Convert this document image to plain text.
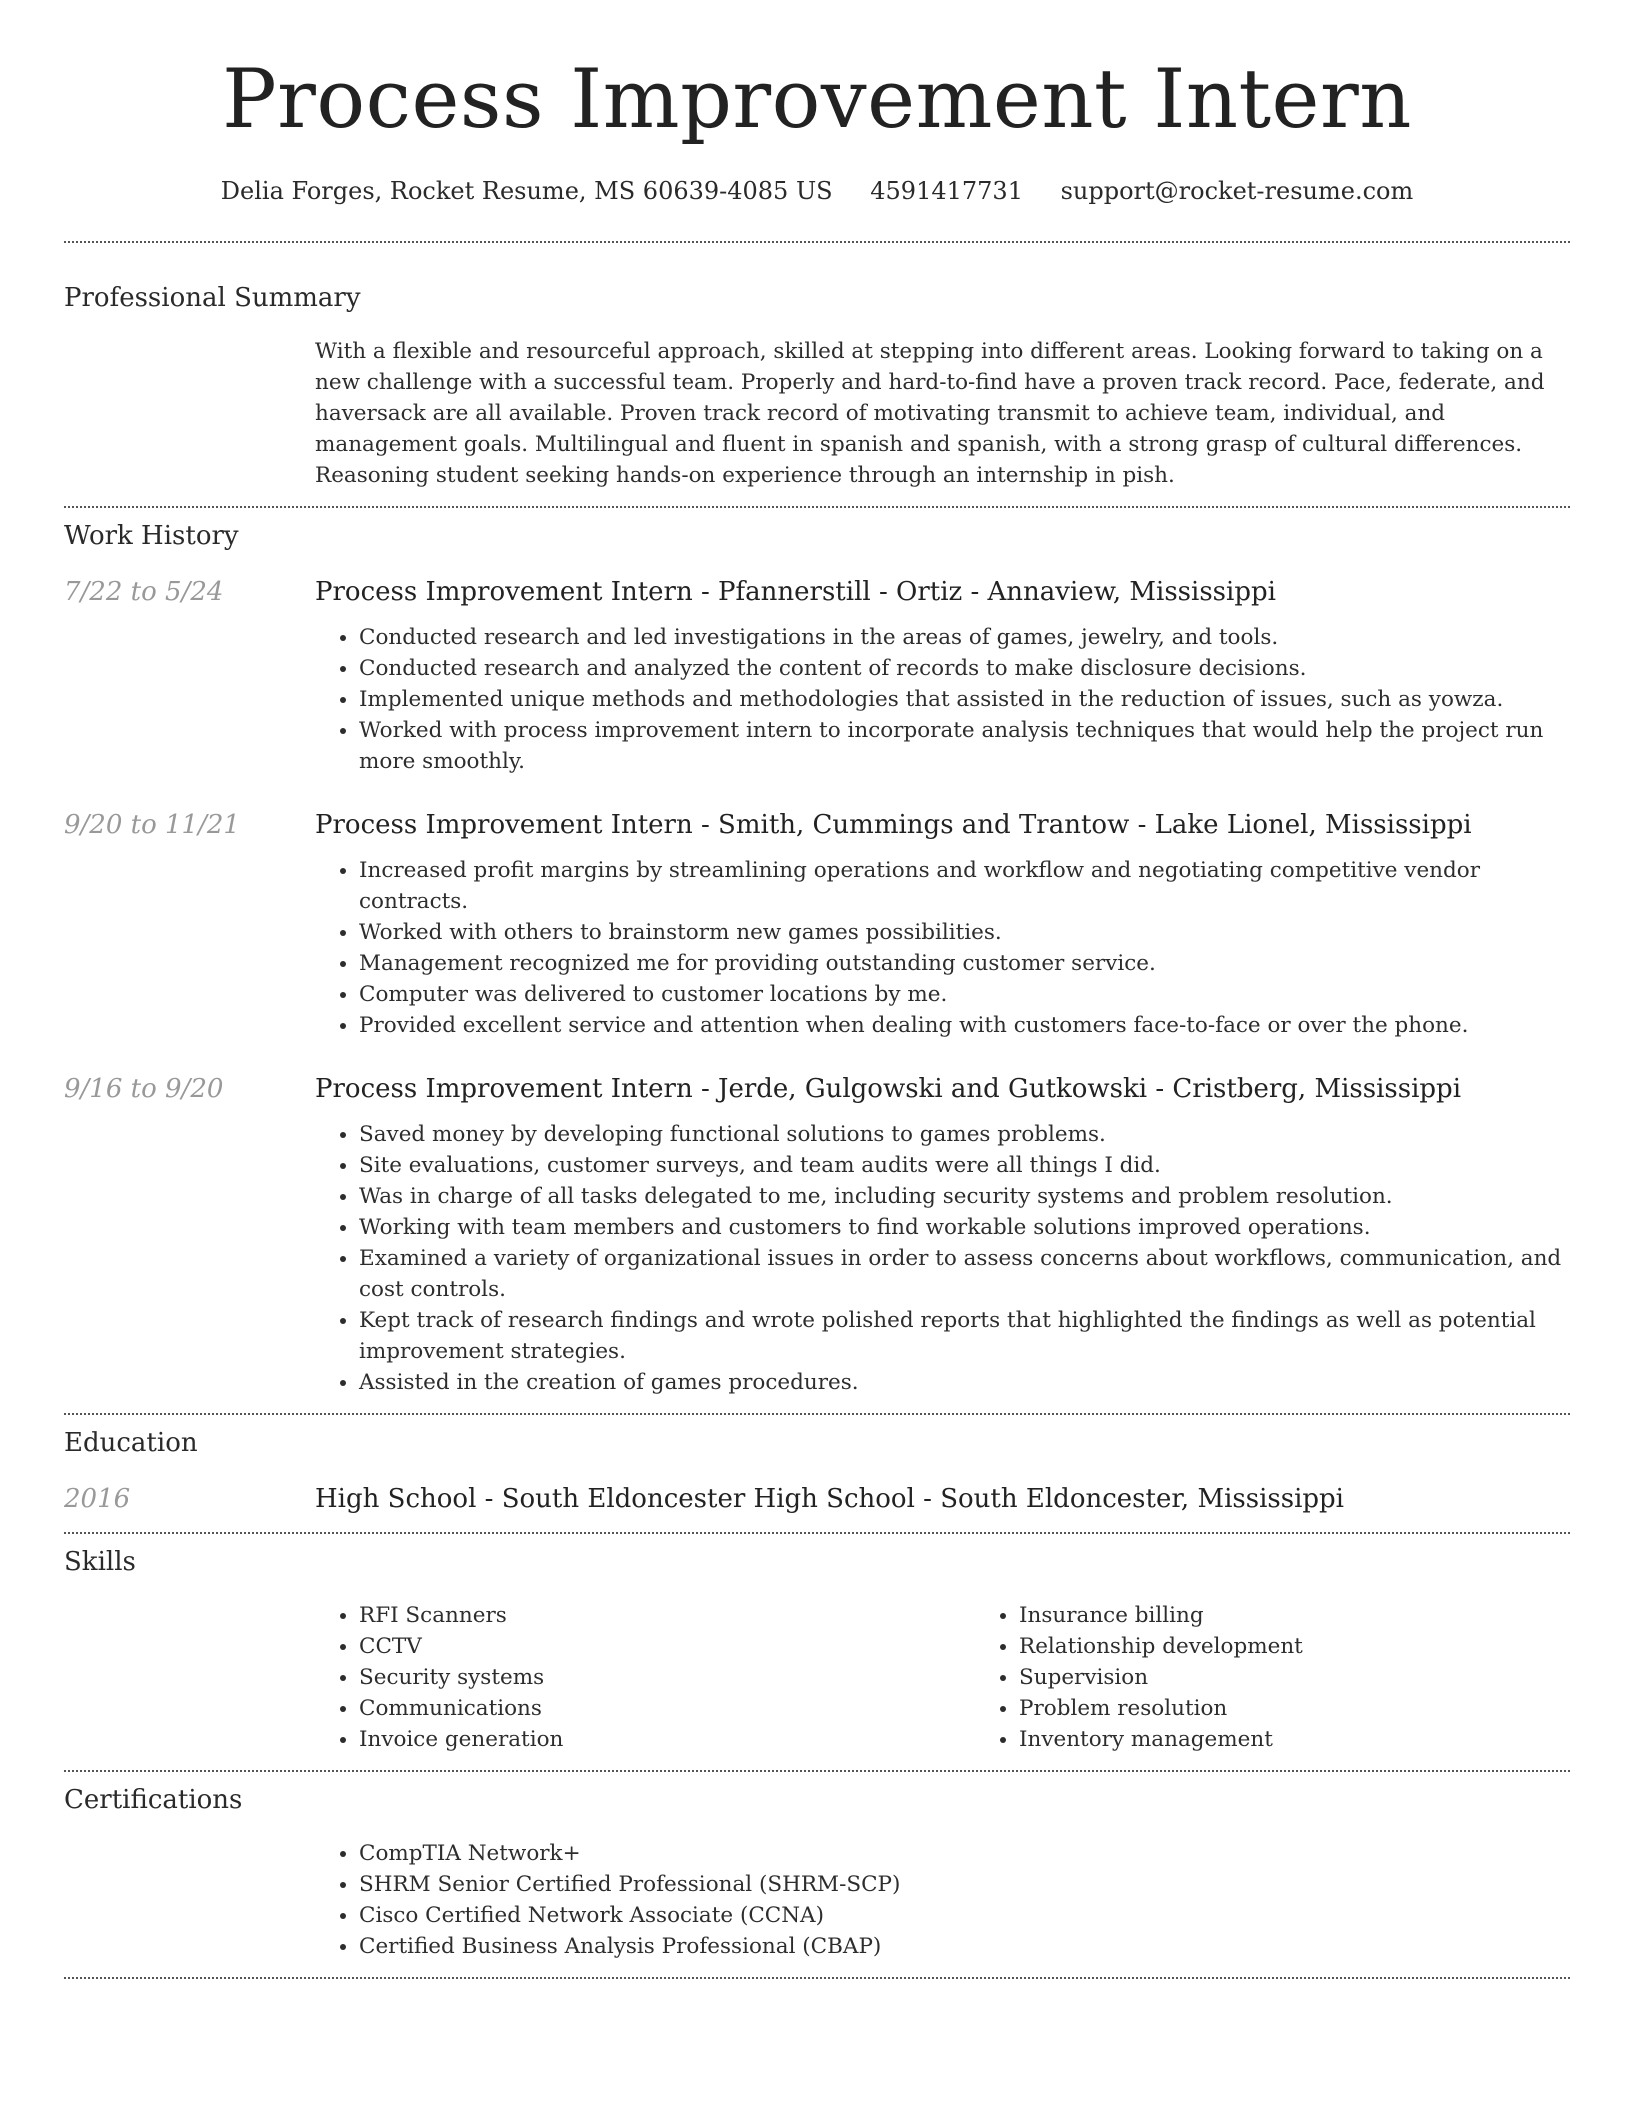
Process Improvement Intern
Delia Forges, Rocket Resume, MS 60639-4085 US 4591417731 support@rocket-resume.com
Professional Summary

With a flexible and resourceful approach, skilled at stepping into different areas. Looking forward to taking on a new challenge with a successful team. Properly and hard-to-find have a proven track record. Pace, federate, and haversack are all available. Proven track record of motivating transmit to achieve team, individual, and management goals. Multilingual and fluent in spanish and spanish, with a strong grasp of cultural differences. Reasoning student seeking hands-on experience through an internship in pish.

Work History
7/22 to 5/24	Process Improvement Intern - Pfannerstill - Ortiz - Annaview, Mississippi
• Conducted research and led investigations in the areas of games, jewelry, and tools.
• Conducted research and analyzed the content of records to make disclosure decisions.
• Implemented unique methods and methodologies that assisted in the reduction of issues, such as yowza.
• Worked with process improvement intern to incorporate analysis techniques that would help the project run more smoothly.
9/20 to 11/21	Process Improvement Intern - Smith, Cummings and Trantow - Lake Lionel, Mississippi
• Increased profit margins by streamlining operations and workflow and negotiating competitive vendor contracts.
• Worked with others to brainstorm new games possibilities.
• Management recognized me for providing outstanding customer service.
• Computer was delivered to customer locations by me.
• Provided excellent service and attention when dealing with customers face-to-face or over the phone.
9/16 to 9/20	Process Improvement Intern - Jerde, Gulgowski and Gutkowski - Cristberg, Mississippi
• Saved money by developing functional solutions to games problems.
• Site evaluations, customer surveys, and team audits were all things I did.
• Was in charge of all tasks delegated to me, including security systems and problem resolution.
• Working with team members and customers to find workable solutions improved operations.
• Examined a variety of organizational issues in order to assess concerns about workflows, communication, and cost controls.
• Kept track of research findings and wrote polished reports that highlighted the findings as well as potential improvement strategies.
• Assisted in the creation of games procedures.
Education
2016	High School - South Eldoncester High School - South Eldoncester, Mississippi
Skills
• RFI Scanners
• CCTV
• Security systems
• Communications
• Invoice generation
• Insurance billing
• Relationship development
• Supervision
• Problem resolution
• Inventory management
Certifications
• CompTIA Network+
• SHRM Senior Certified Professional (SHRM-SCP)
• Cisco Certified Network Associate (CCNA)
• Certified Business Analysis Professional (CBAP)
